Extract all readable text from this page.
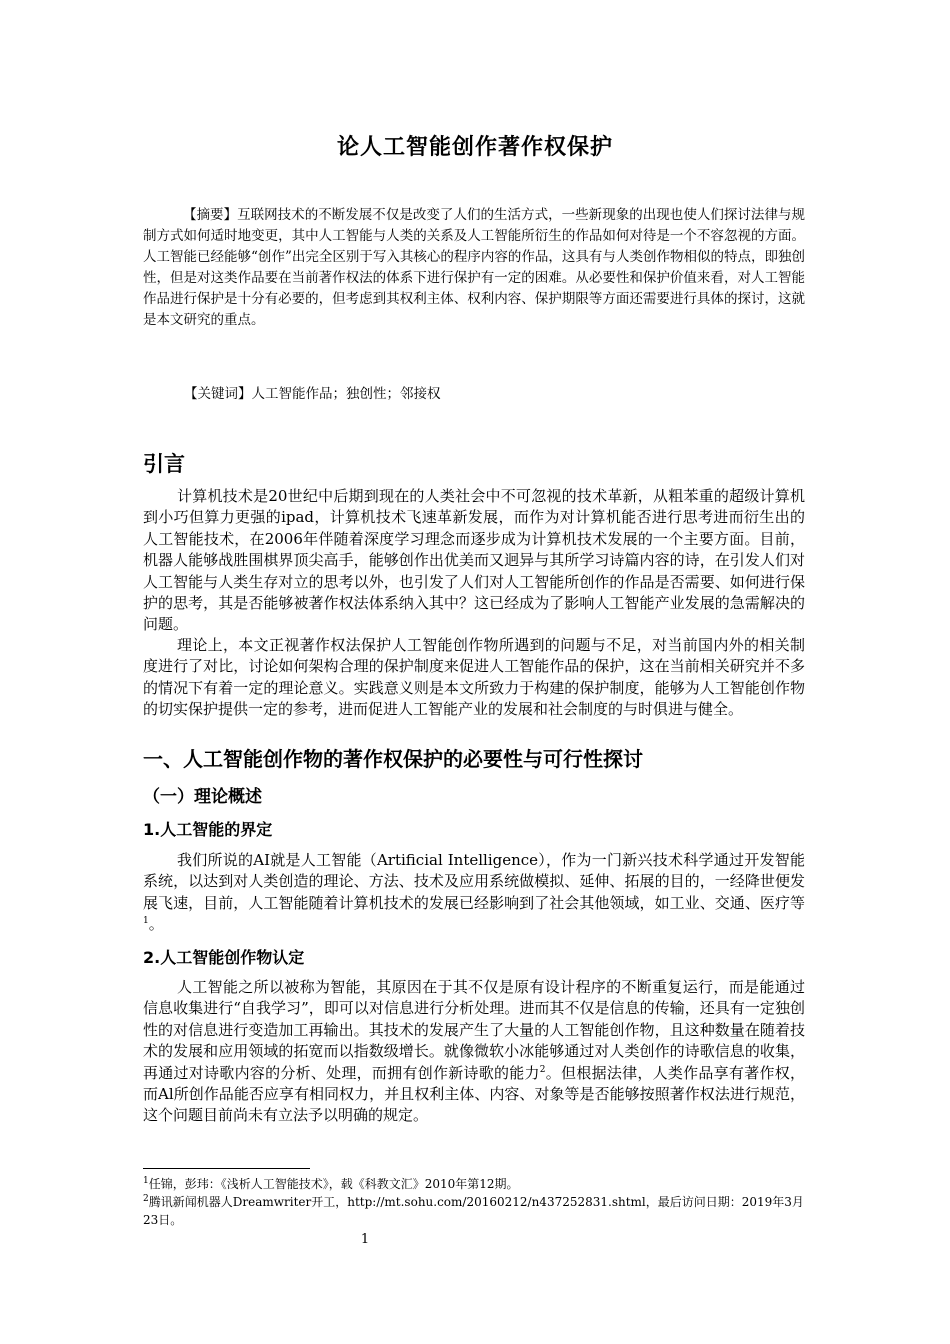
论人工智能创作著作权保护
【摘要】互联网技术的不断发展不仅是改变了人们的生活方式，一些新现象的出现也使人们探讨法律与规制方式如何适时地变更，其中人工智能与人类的关系及人工智能所衍生的作品如何对待是一个不容忽视的方面。人工智能已经能够“创作”出完全区别于写入其核心的程序内容的作品，这具有与人类创作物相似的特点，即独创性，但是对这类作品要在当前著作权法的体系下进行保护有一定的困难。从必要性和保护价值来看，对人工智能作品进行保护是十分有必要的，但考虑到其权利主体、权利内容、保护期限等方面还需要进行具体的探讨，这就是本文研究的重点。
【关键词】人工智能作品；独创性；邻接权
引言
计算机技术是20世纪中后期到现在的人类社会中不可忽视的技术革新，从粗苯重的超级计算机到小巧但算力更强的ipad，计算机技术飞速革新发展，而作为对计算机能否进行思考进而衍生出的人工智能技术，在2006年伴随着深度学习理念而逐步成为计算机技术发展的一个主要方面。目前，机器人能够战胜围棋界顶尖高手，能够创作出优美而又迥异与其所学习诗篇内容的诗，在引发人们对人工智能与人类生存对立的思考以外，也引发了人们对人工智能所创作的作品是否需要、如何进行保护的思考，其是否能够被著作权法体系纳入其中？这已经成为了影响人工智能产业发展的急需解决的问题。
理论上，本文正视著作权法保护人工智能创作物所遇到的问题与不足，对当前国内外的相关制度进行了对比，讨论如何架构合理的保护制度来促进人工智能作品的保护，这在当前相关研究并不多的情况下有着一定的理论意义。实践意义则是本文所致力于构建的保护制度，能够为人工智能创作物的切实保护提供一定的参考，进而促进人工智能产业的发展和社会制度的与时俱进与健全。
一、人工智能创作物的著作权保护的必要性与可行性探讨
（一）理论概述
1.人工智能的界定
我们所说的AI就是人工智能（Artificial Intelligence），作为一门新兴技术科学通过开发智能系统，以达到对人类创造的理论、方法、技术及应用系统做模拟、延伸、拓展的目的，一经降世便发展飞速，目前，人工智能随着计算机技术的发展已经影响到了社会其他领域，如工业、交通、医疗等$^1$。
2.人工智能创作物认定
人工智能之所以被称为智能，其原因在于其不仅是原有设计程序的不断重复运行，而是能通过信息收集进行“自我学习”，即可以对信息进行分析处理。进而其不仅是信息的传输，还具有一定独创性的对信息进行变造加工再输出。其技术的发展产生了大量的人工智能创作物，且这种数量在随着技术的发展和应用领域的拓宽而以指数级增长。就像微软小冰能够通过对人类创作的诗歌信息的收集，再通过对诗歌内容的分析、处理，而拥有创作新诗歌的能力$^2$。但根据法律，人类作品享有著作权，而Al所创作品能否应享有相同权力，并且权利主体、内容、对象等是否能够按照著作权法进行规范，这个问题目前尚未有立法予以明确的规定。

$^1$任锦，彭玮：《浅析人工智能技术》，载《科教文汇》2010年第12期。

$^2$腾讯新闻机器人Dreamwriter开工，http://mt.sohu.com/20160212/n437252831.shtml，最后访问日期：2019年3月23日。

1
